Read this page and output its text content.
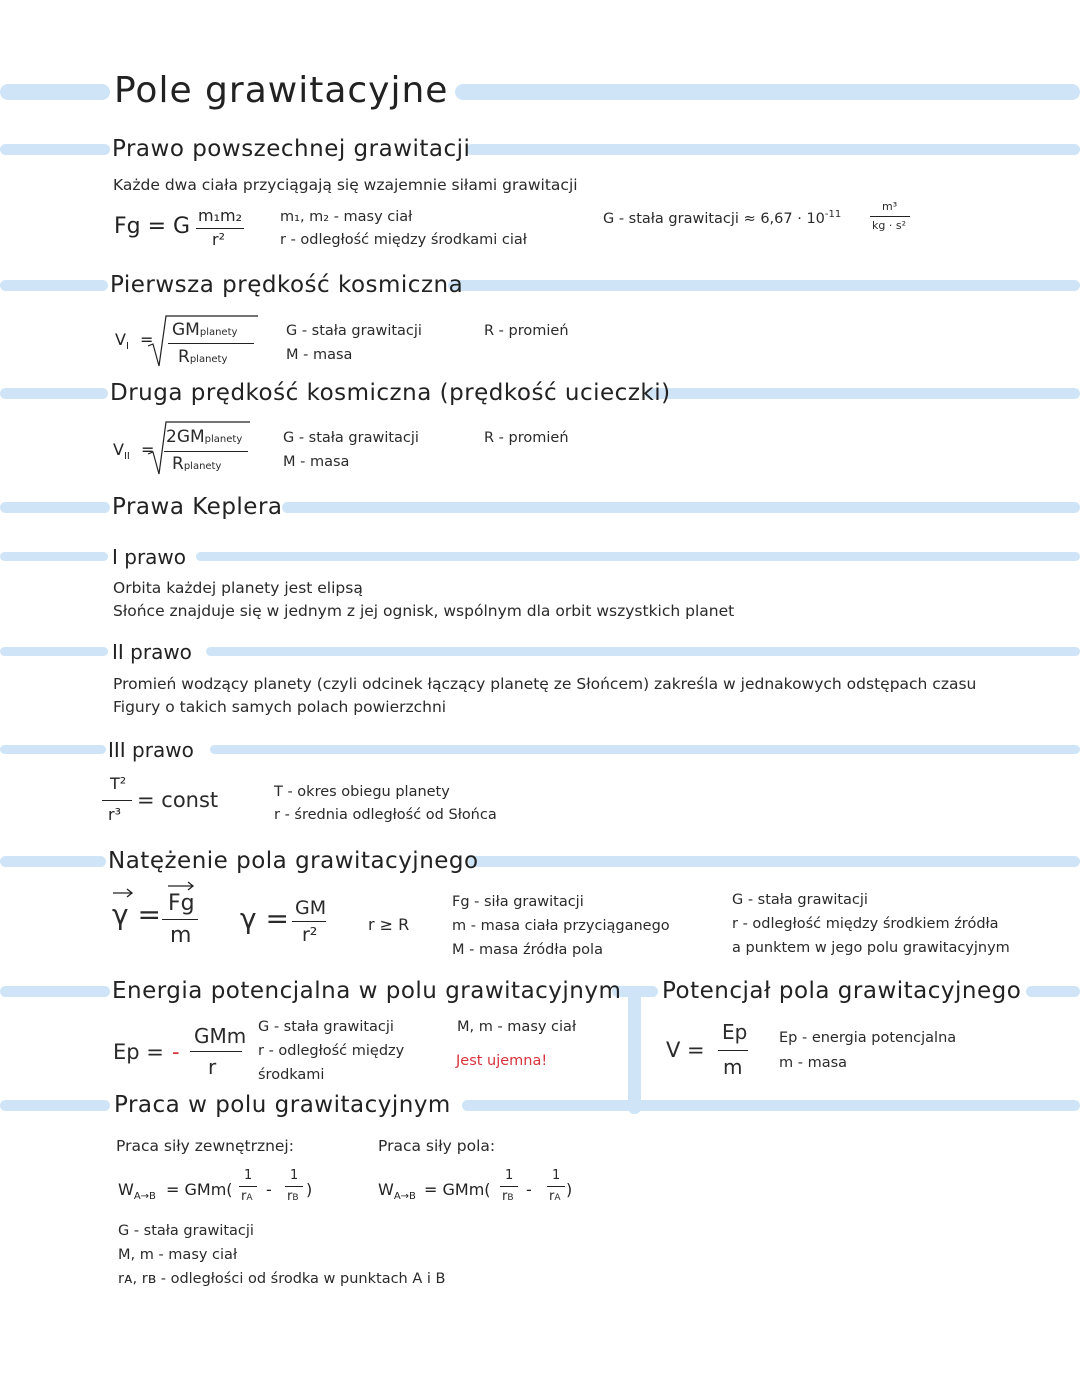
Pole grawitacyjne
Prawo powszechnej grawitacji
Każde dwa ciała przyciągają się wzajemnie siłami grawitacji
Fg = G m₁m₂
r²
m₁, m₂ - masy ciał
r - odległość między środkami ciał
G - stała grawitacji ≈ $6,67 \cdot 10^{-11}$
m³
kg · s²
Pierwsza prędkość kosmiczna
$V_I$ = GMplanety
Rplanety
G - stała grawitacji
M - masa
R - promień
Druga prędkość kosmiczna (prędkość ucieczki)
$V_{II}$ =
2GMplanety
Rplanety
G - stała grawitacji
M - masa
R - promień
Prawa Keplera
I prawo
Orbita każdej planety jest elipsą
Słońce znajduje się w jednym z jej ognisk, wspólnym dla orbit wszystkich planet
II prawo
Promień wodzący planety (czyli odcinek łączący planetę ze Słońcem) zakreśla w jednakowych odstępach czasu
Figury o takich samych polach powierzchni
III prawo
T²
r³
= const	T - okres obiegu planety
r - średnia odległość od Słońca
Natężenie pola grawitacyjnego
γ = Fg
m
γ = GM
r²	r ≥ R
Fg - siła grawitacji
m - masa ciała przyciąganego
M - masa źródła pola
G - stała grawitacji
r - odległość między środkiem źródła
a punktem w jego polu grawitacyjnym
Energia potencjalna w polu grawitacyjnym
Ep = -
GMm
r
G - stała grawitacji
r - odległość między
środkami
M, m - masy ciał
Jest ujemna!
Potencjał pola grawitacyjnego
V =
Ep
m
Ep - energia potencjalna
m - masa
Praca w polu grawitacyjnym
Praca siły zewnętrznej:	Praca siły pola:
$W_{A\to B} = GMm$(
1
rA -
1
rB )	$W_{A\to B} = GMm$(
1
rB -
1
rA )
G - stała grawitacji
M, m - masy ciał
rᴀ, rʙ - odległości od środka w punktach A i B
